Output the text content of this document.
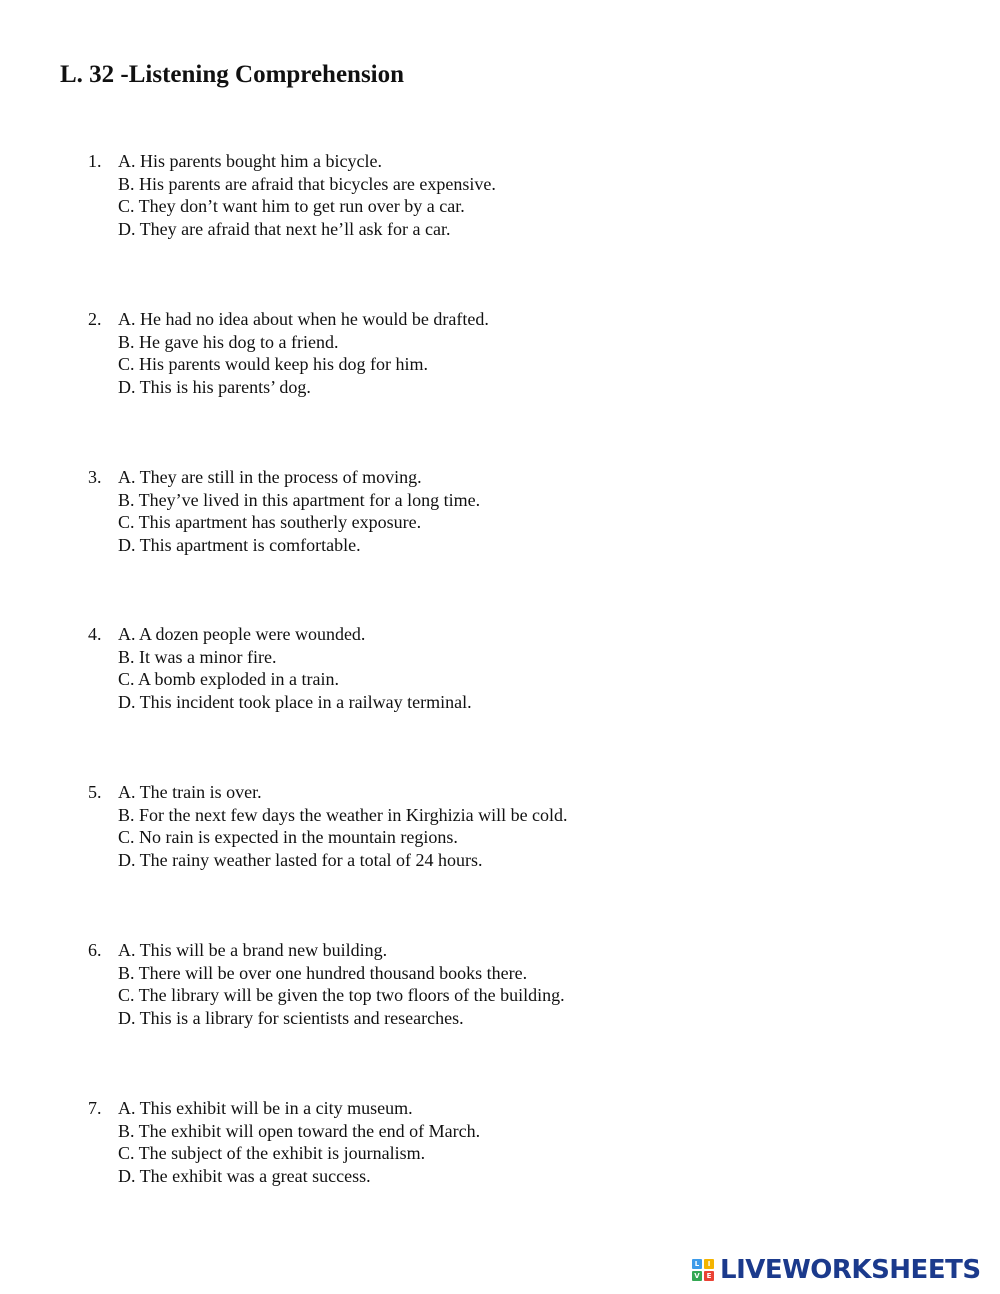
L. 32 -Listening Comprehension
1. A. His parents bought him a bicycle.
B. His parents are afraid that bicycles are expensive.
C. They don’t want him to get run over by a car.
D. They are afraid that next he’ll ask for a car.
2. A. He had no idea about when he would be drafted.
B. He gave his dog to a friend.
C. His parents would keep his dog for him.
D. This is his parents’ dog.
3. A. They are still in the process of moving.
B. They’ve lived in this apartment for a long time.
C. This apartment has southerly exposure.
D. This apartment is comfortable.
4. A. A dozen people were wounded.
B. It was a minor fire.
C. A bomb exploded in a train.
D. This incident took place in a railway terminal.
5. A. The train is over.
B. For the next few days the weather in Kirghizia will be cold.
C. No rain is expected in the mountain regions.
D. The rainy weather lasted for a total of 24 hours.
6. A. This will be a brand new building.
B. There will be over one hundred thousand books there.
C. The library will be given the top two floors of the building.
D. This is a library for scientists and researches.
7. A. This exhibit will be in a city museum.
B. The exhibit will open toward the end of March.
C. The subject of the exhibit is journalism.
D. The exhibit was a great success.
L	I
V E LIVEWORKSHEETS
